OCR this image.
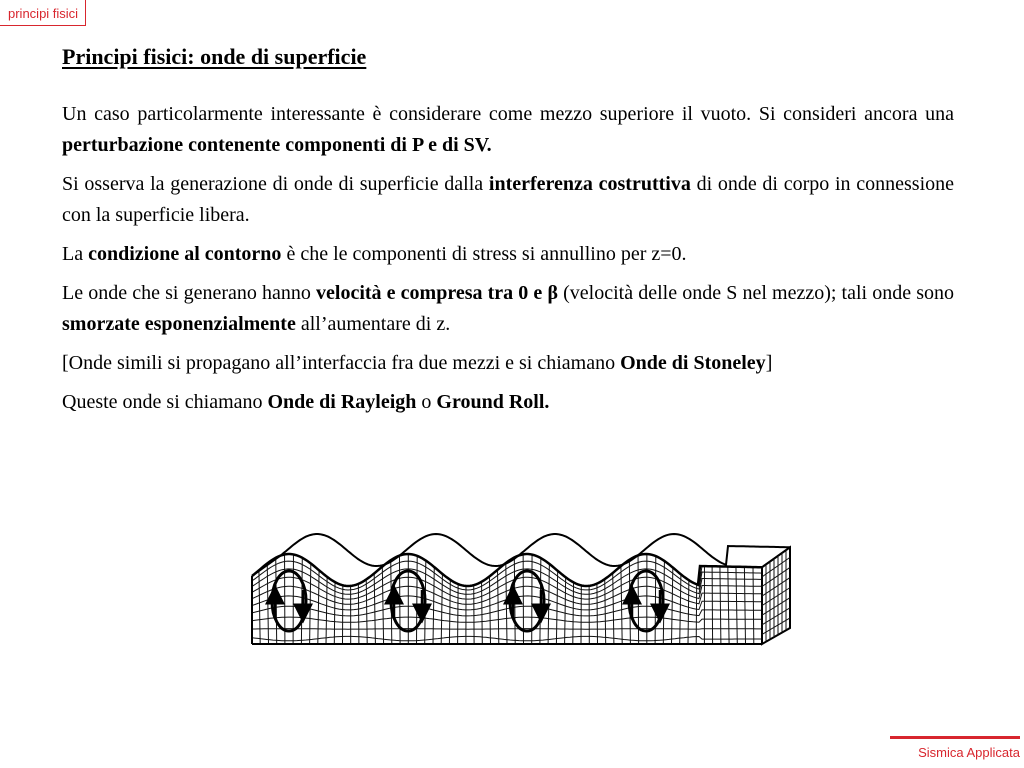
principi fisici
Principi fisici: onde di superficie

Un caso particolarmente interessante è considerare come mezzo superiore il vuoto. Si consideri ancora una perturbazione contenente componenti di P e di SV.

Si osserva la generazione di onde di superficie dalla interferenza costruttiva di onde di corpo in connessione con la superficie libera.

La condizione al contorno è che le componenti di stress si annullino per z=0.

Le onde che si generano hanno velocità e compresa tra 0 e β (velocità delle onde S nel mezzo); tali onde sono smorzate esponenzialmente all’aumentare di z.

[Onde simili si propagano all’interfaccia fra due mezzi e si chiamano Onde di Stoneley]

Queste onde si chiamano Onde di Rayleigh o Ground Roll.

Sismica Applicata
